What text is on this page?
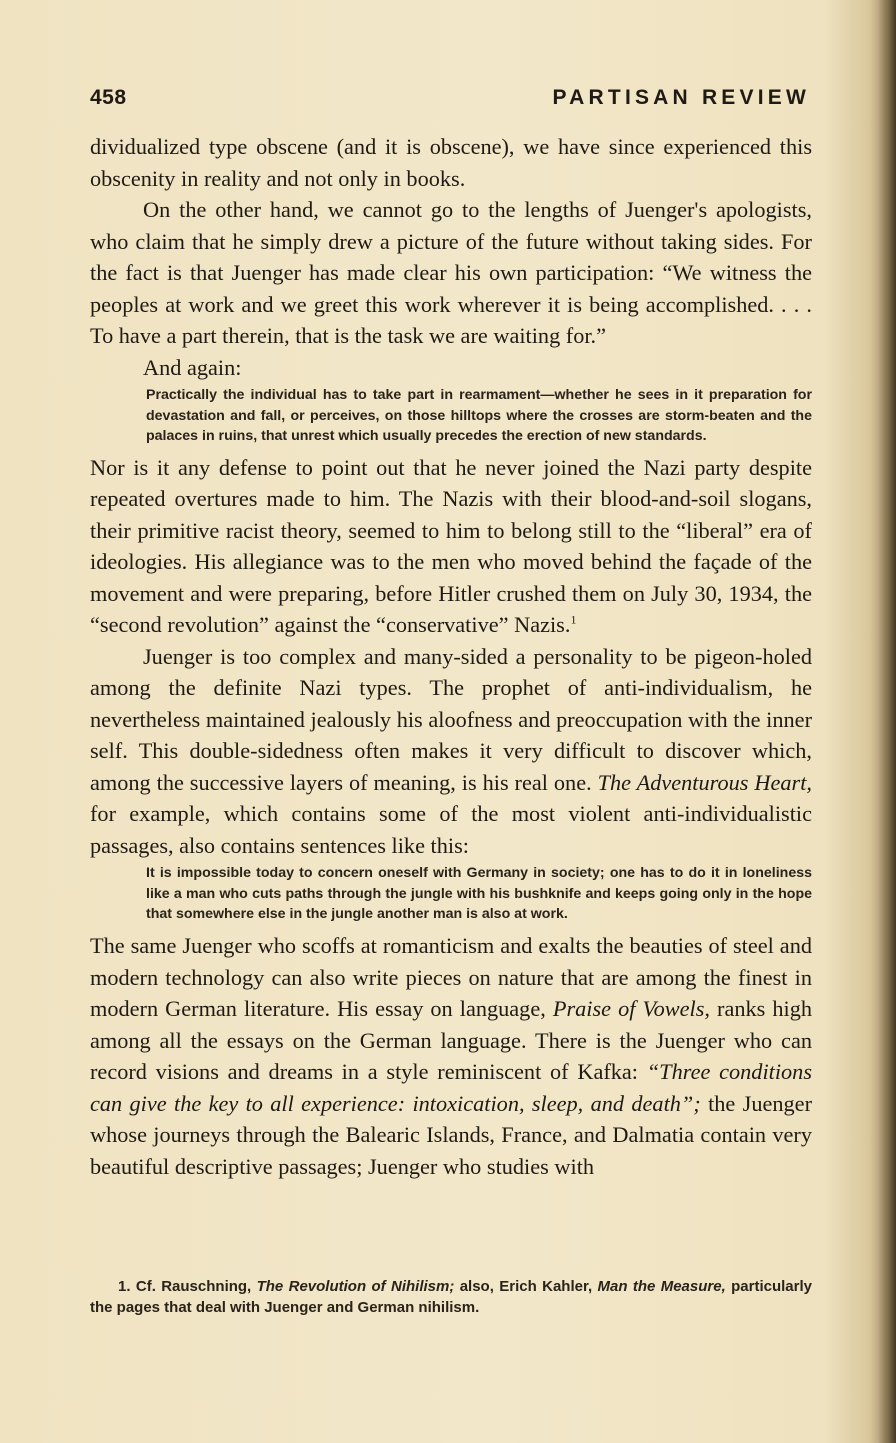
458	PARTISAN REVIEW

dividualized type obscene (and it is obscene), we have since experienced this obscenity in reality and not only in books.

On the other hand, we cannot go to the lengths of Juenger's apologists, who claim that he simply drew a picture of the future without taking sides. For the fact is that Juenger has made clear his own participation: “We witness the peoples at work and we greet this work wherever it is being accomplished. . . . To have a part therein, that is the task we are waiting for.”

And again:

Practically the individual has to take part in rearmament—whether he sees in it preparation for devastation and fall, or perceives, on those hilltops where the crosses are storm-beaten and the palaces in ruins, that unrest which usually precedes the erection of new standards.

Nor is it any defense to point out that he never joined the Nazi party despite repeated overtures made to him. The Nazis with their blood-and-soil slogans, their primitive racist theory, seemed to him to belong still to the “liberal” era of ideologies. His allegiance was to the men who moved behind the façade of the movement and were preparing, before Hitler crushed them on July 30, 1934, the “second revolution” against the “conservative” Nazis.$^1$

Juenger is too complex and many-sided a personality to be pigeon-holed among the definite Nazi types. The prophet of anti-individualism, he nevertheless maintained jealously his aloofness and preoccupation with the inner self. This double-sidedness often makes it very difficult to discover which, among the successive layers of meaning, is his real one. The Adventurous Heart, for example, which contains some of the most violent anti-individualistic passages, also contains sentences like this:

It is impossible today to concern oneself with Germany in society; one has to do it in loneliness like a man who cuts paths through the jungle with his bushknife and keeps going only in the hope that somewhere else in the jungle another man is also at work.

The same Juenger who scoffs at romanticism and exalts the beauties of steel and modern technology can also write pieces on nature that are among the finest in modern German literature. His essay on language, Praise of Vowels, ranks high among all the essays on the German language. There is the Juenger who can record visions and dreams in a style reminiscent of Kafka: “Three conditions can give the key to all experience: intoxication, sleep, and death”; the Juenger whose journeys through the Balearic Islands, France, and Dalmatia contain very beautiful descriptive passages; Juenger who studies with

1. Cf. Rauschning, The Revolution of Nihilism; also, Erich Kahler, Man the Measure, particularly the pages that deal with Juenger and German nihilism.
